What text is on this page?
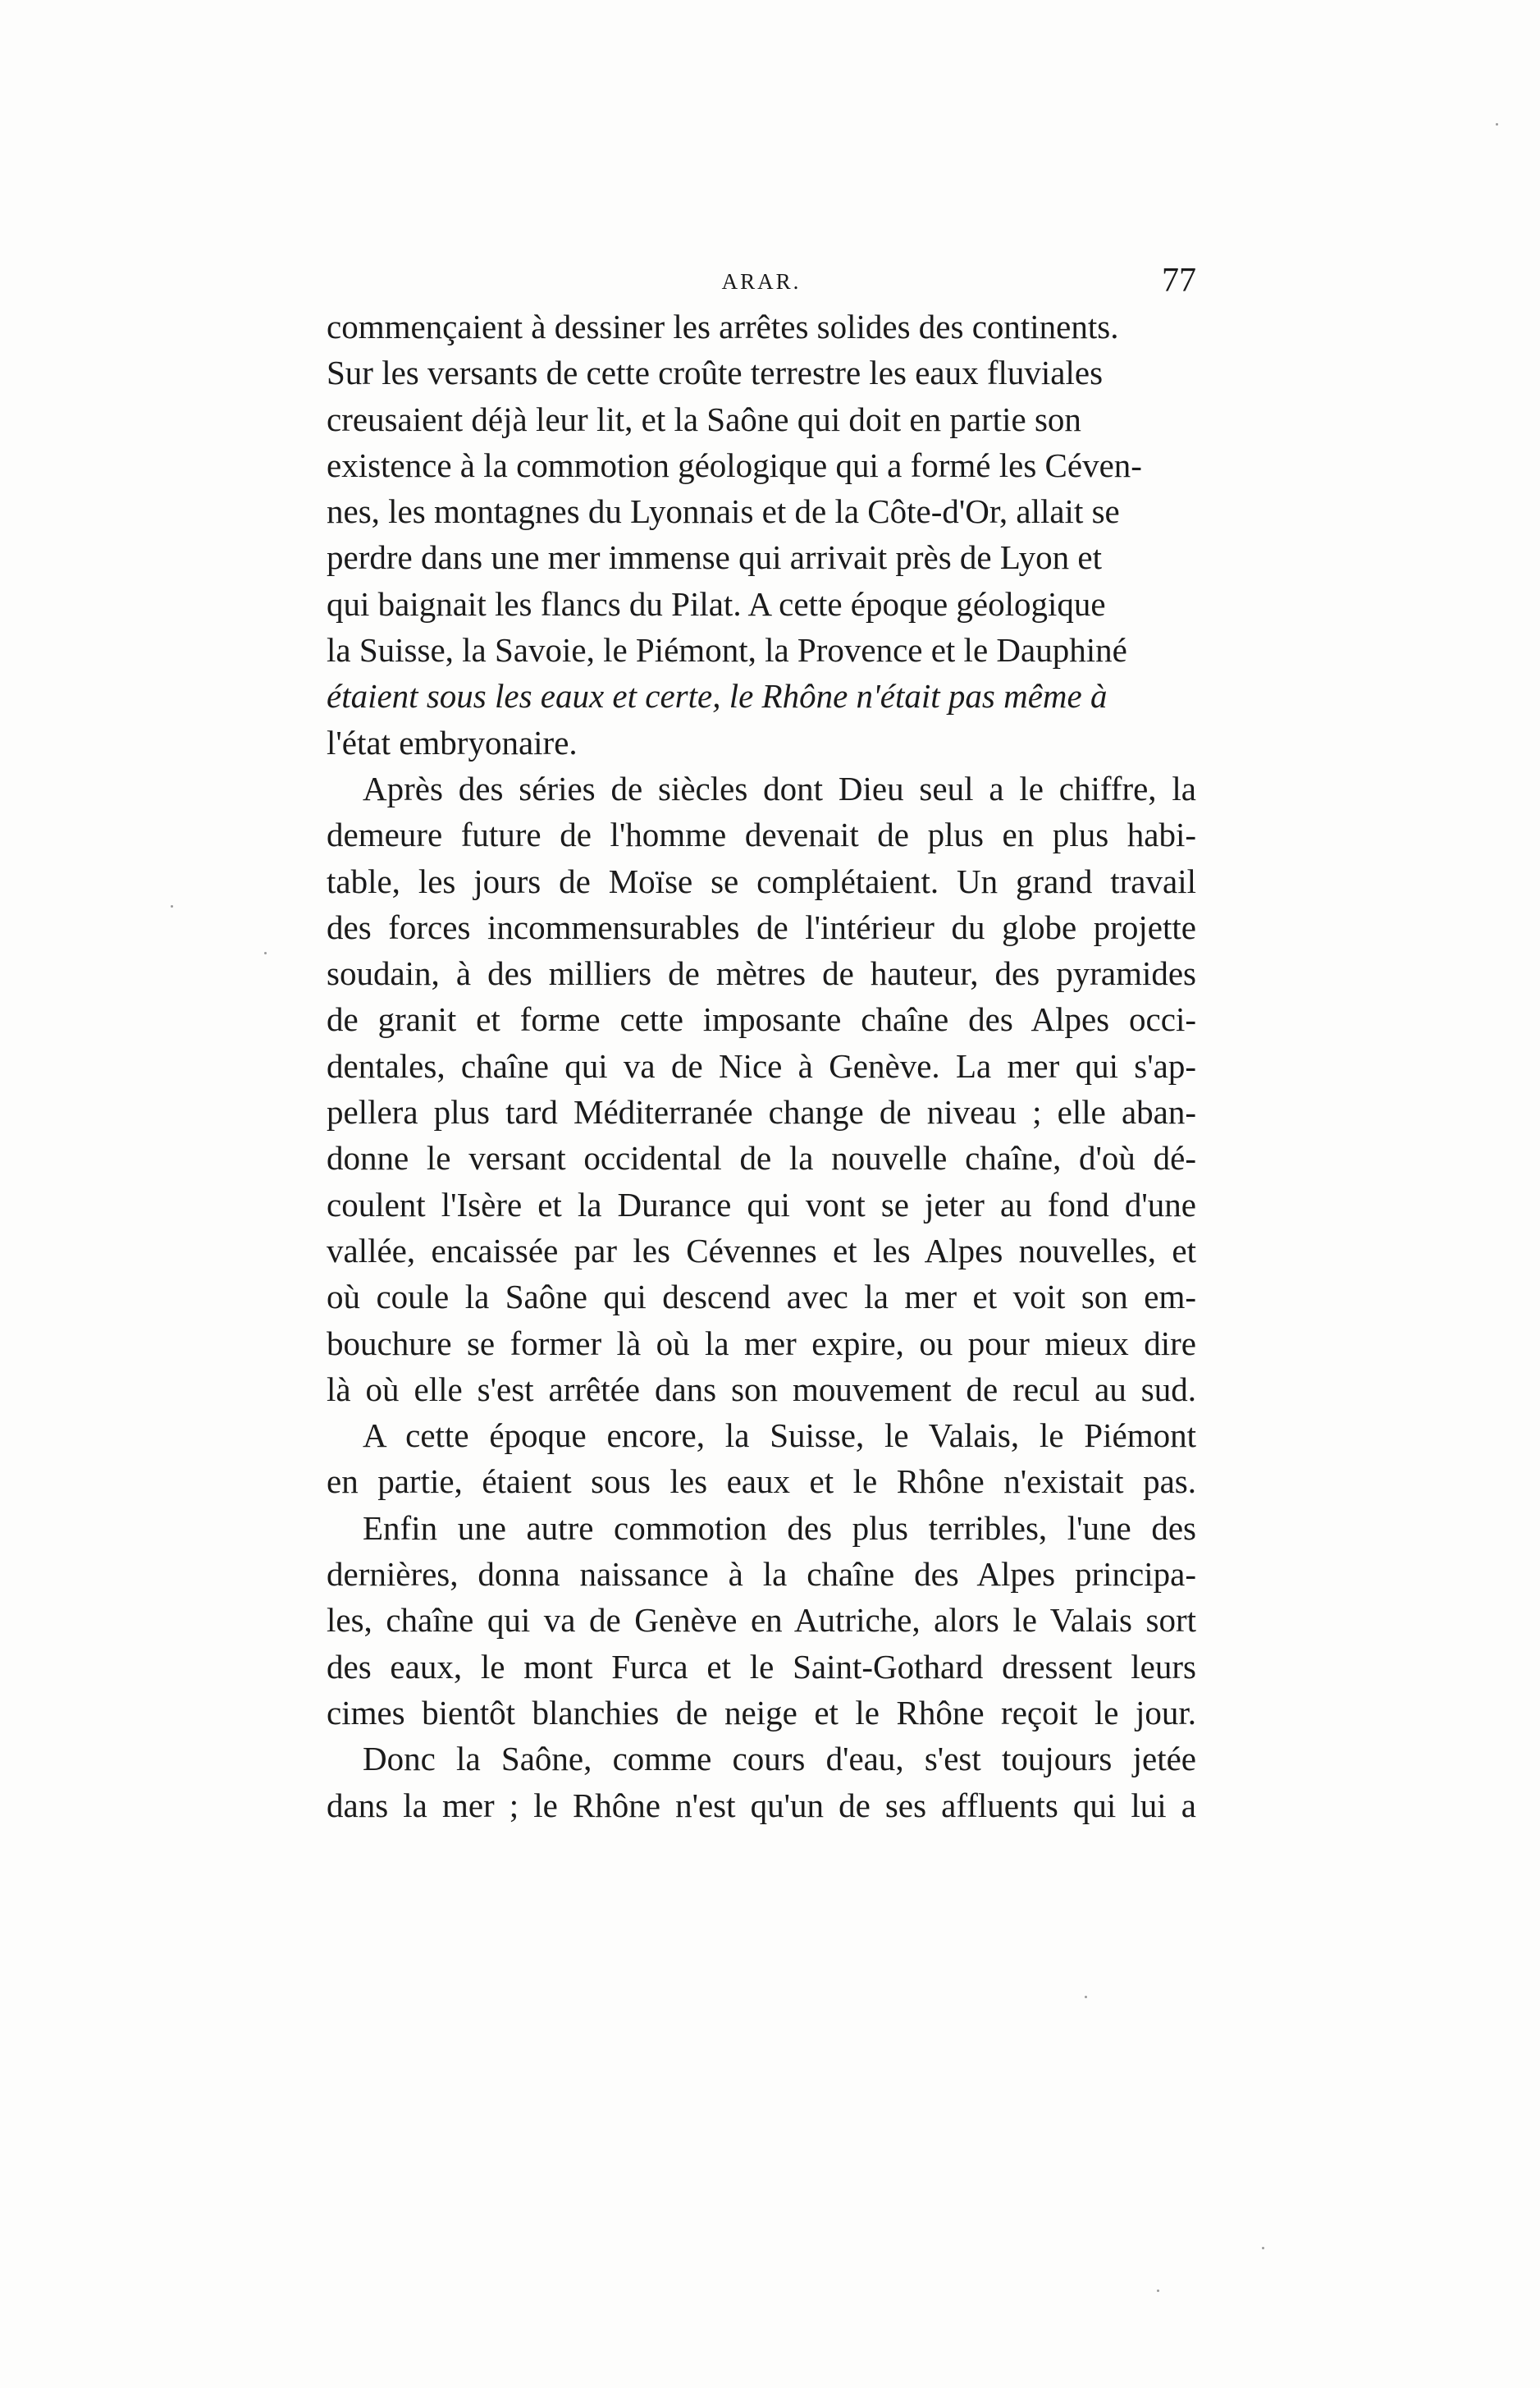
ARAR.	77

commençaient à dessiner les arrêtes solides des continents.
Sur les versants de cette croûte terrestre les eaux fluviales
creusaient déjà leur lit, et la Saône qui doit en partie son
existence à la commotion géologique qui a formé les Céven-
nes, les montagnes du Lyonnais et de la Côte-d'Or, allait se
perdre dans une mer immense qui arrivait près de Lyon et
qui baignait les flancs du Pilat. A cette époque géologique
la Suisse, la Savoie, le Piémont, la Provence et le Dauphiné
étaient sous les eaux et certe, le Rhône n'était pas même à
l'état embryonaire.

Après des séries de siècles dont Dieu seul a le chiffre, la
demeure future de l'homme devenait de plus en plus habi-
table, les jours de Moïse se complétaient. Un grand travail
des forces incommensurables de l'intérieur du globe projette
soudain, à des milliers de mètres de hauteur, des pyramides
de granit et forme cette imposante chaîne des Alpes occi-
dentales, chaîne qui va de Nice à Genève. La mer qui s'ap-
pellera plus tard Méditerranée change de niveau ; elle aban-
donne le versant occidental de la nouvelle chaîne, d'où dé-
coulent l'Isère et la Durance qui vont se jeter au fond d'une
vallée, encaissée par les Cévennes et les Alpes nouvelles, et
où coule la Saône qui descend avec la mer et voit son em-
bouchure se former là où la mer expire, ou pour mieux dire
là où elle s'est arrêtée dans son mouvement de recul au sud.

A cette époque encore, la Suisse, le Valais, le Piémont
en partie, étaient sous les eaux et le Rhône n'existait pas.

Enfin une autre commotion des plus terribles, l'une des
dernières, donna naissance à la chaîne des Alpes principa-
les, chaîne qui va de Genève en Autriche, alors le Valais sort
des eaux, le mont Furca et le Saint-Gothard dressent leurs
cimes bientôt blanchies de neige et le Rhône reçoit le jour.

Donc la Saône, comme cours d'eau, s'est toujours jetée
dans la mer ; le Rhône n'est qu'un de ses affluents qui lui a
